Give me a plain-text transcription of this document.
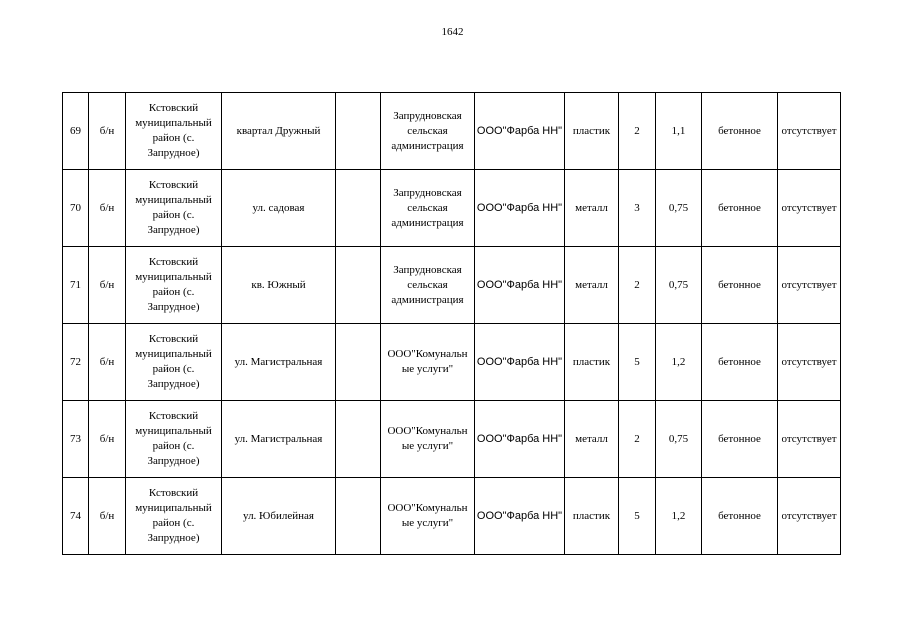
1642
69	б/н	Кстовский муниципальный район (с. Запрудное)	квартал Дружный		Запрудновская сельская администрация	ООО"Фарба НН"	пластик	2	1,1	бетонное	отсутствует
70	б/н	Кстовский муниципальный район (с. Запрудное)	ул. садовая		Запрудновская сельская администрация	ООО"Фарба НН"	металл	3	0,75	бетонное	отсутствует
71	б/н	Кстовский муниципальный район (с. Запрудное)	кв. Южный		Запрудновская сельская администрация	ООО"Фарба НН"	металл	2	0,75	бетонное	отсутствует
72	б/н	Кстовский муниципальный район (с. Запрудное)	ул. Магистральная		ООО"Комунальн ые услуги"	ООО"Фарба НН"	пластик	5	1,2	бетонное	отсутствует
73	б/н	Кстовский муниципальный район (с. Запрудное)	ул. Магистральная		ООО"Комунальн ые услуги"	ООО"Фарба НН"	металл	2	0,75	бетонное	отсутствует
74	б/н	Кстовский муниципальный район (с. Запрудное)	ул. Юбилейная		ООО"Комунальн ые услуги"	ООО"Фарба НН"	пластик	5	1,2	бетонное	отсутствует
